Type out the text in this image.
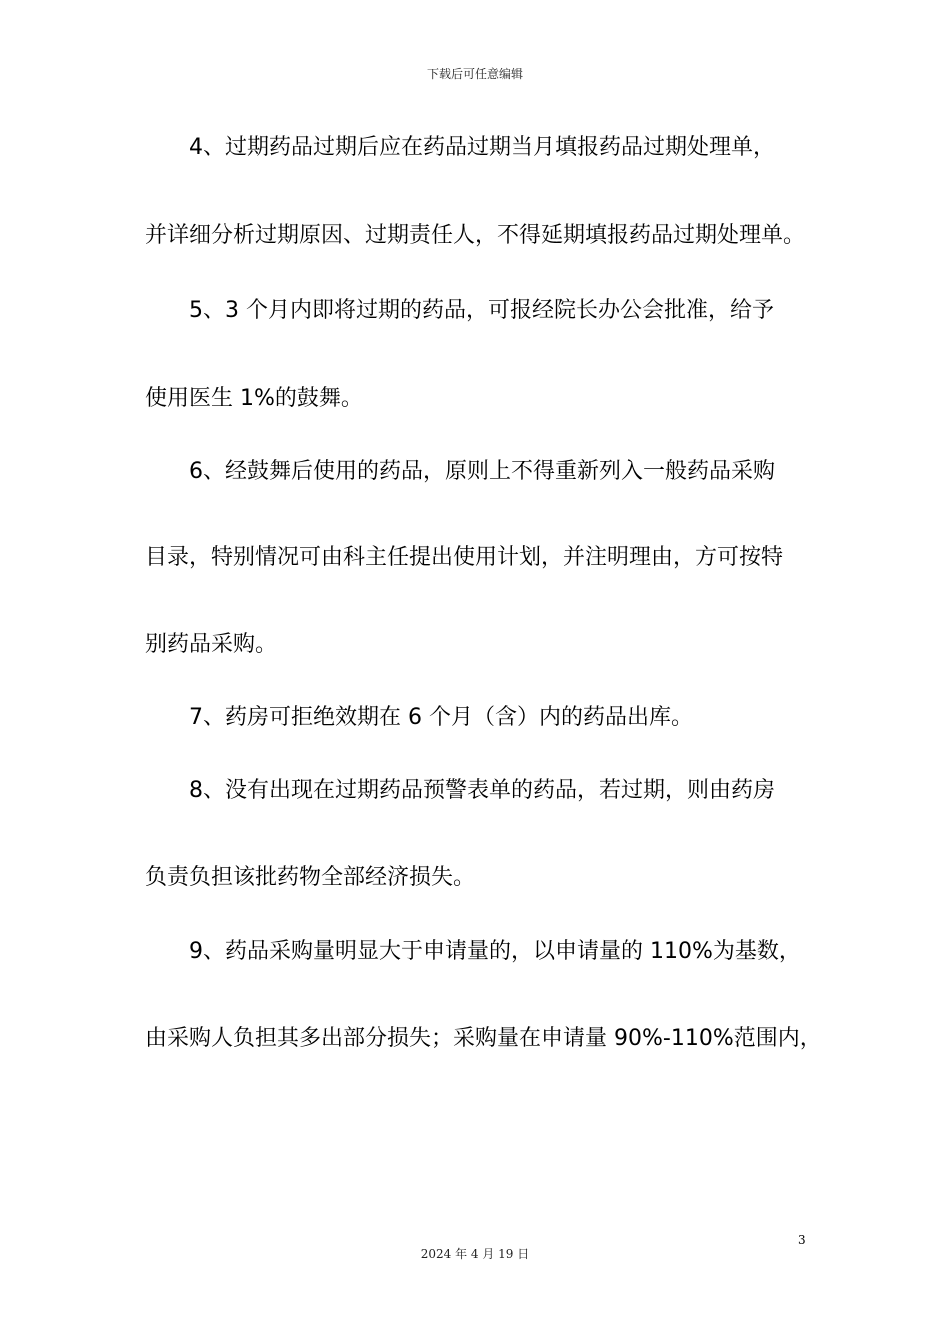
下载后可任意编辑
4、过期药品过期后应在药品过期当月填报药品过期处理单，
并详细分析过期原因、过期责任人，不得延期填报药品过期处理单。
5、3 个月内即将过期的药品，可报经院长办公会批准，给予
使用医生 1%的鼓舞。
6、经鼓舞后使用的药品，原则上不得重新列入一般药品采购
目录，特别情况可由科主任提出使用计划，并注明理由，方可按特
别药品采购。
7、药房可拒绝效期在 6 个月（含）内的药品出库。
8、没有出现在过期药品预警表单的药品，若过期，则由药房
负责负担该批药物全部经济损失。
9、药品采购量明显大于申请量的，以申请量的 110%为基数，
由采购人负担其多出部分损失；采购量在申请量 90%-110%范围内，
3
2024 年 4 月 19 日
